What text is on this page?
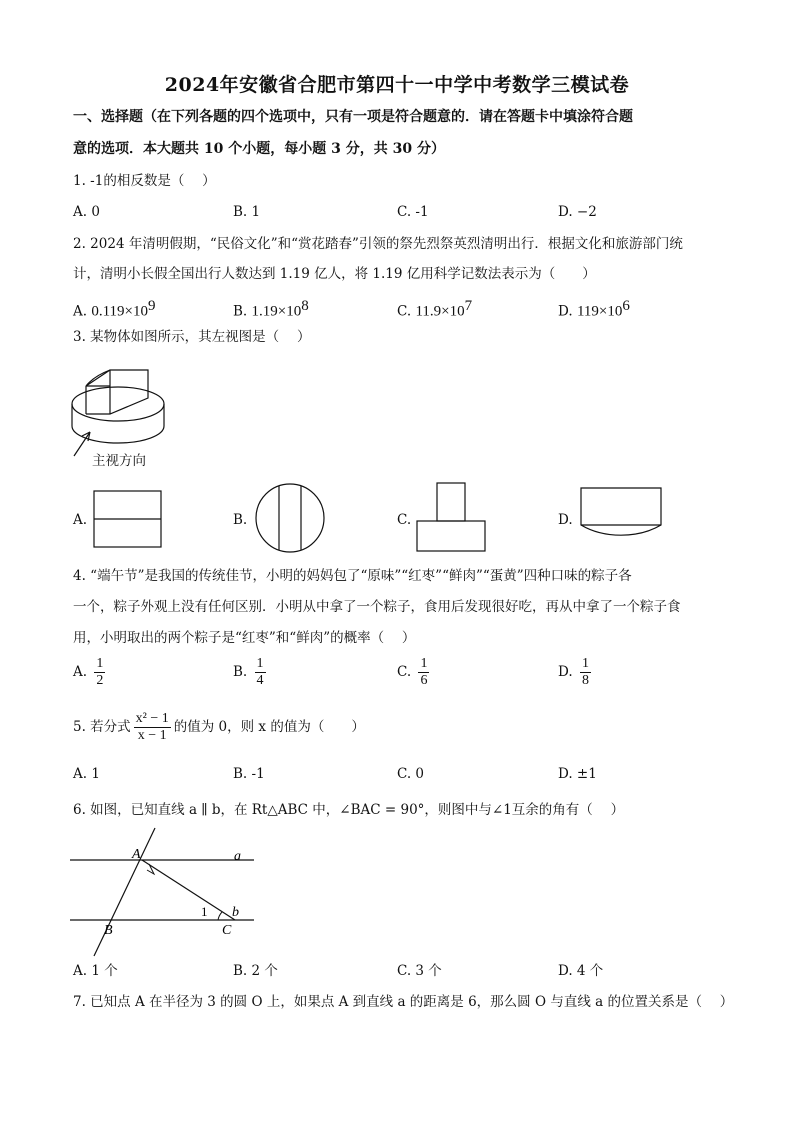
2024年安徽省合肥市第四十一中学中考数学三模试卷
一、选择题（在下列各题的四个选项中，只有一项是符合题意的．请在答题卡中填涂符合题
意的选项．本大题共 10 个小题，每小题 3 分，共 30 分）
1. -1的相反数是（　 ）
A. 0	B. 1	C. -1	D. −2
2. 2024 年清明假期，“民俗文化”和“赏花踏春”引领的祭先烈祭英烈清明出行．根据文化和旅游部门统
计，清明小长假全国出行人数达到 1.19 亿人，将 1.19 亿用科学记数法表示为（　　）
A. $0.119\times 10^9$	B. $1.19\times 10^8$	C. $11.9\times 10^7$	D. $119\times 10^6$
3. 某物体如图所示，其左视图是（　 ）
主视方向
A.	B.	C.	D.
4. “端午节”是我国的传统佳节，小明的妈妈包了“原味”“红枣”“鲜肉”“蛋黄”四种口味的粽子各
一个，粽子外观上没有任何区别．小明从中拿了一个粽子，食用后发现很好吃，再从中拿了一个粽子食
用，小明取出的两个粽子是“红枣”和“鲜肉”的概率（　 ）
A. $\frac{1}{2}$	B. $\frac{1}{4}$	C. $\frac{1}{6}$	D. $\frac{1}{8}$
5. 若分式 $\frac{\text{x² − 1}}{x - 1}$ 的值为 0，则 x 的值为（　　）
A. 1	B. -1	C. 0	D. ±1
6. 如图，已知直线 a ∥ b，在 Rt△ABC 中，∠BAC = 90°，则图中与∠1互余的角有（　 ）
A	a
B	C
b
1
A. 1 个	B. 2 个	C. 3 个	D. 4 个
7. 已知点 A 在半径为 3 的圆 O 上，如果点 A 到直线 a 的距离是 6，那么圆 O 与直线 a 的位置关系是（　 ）
